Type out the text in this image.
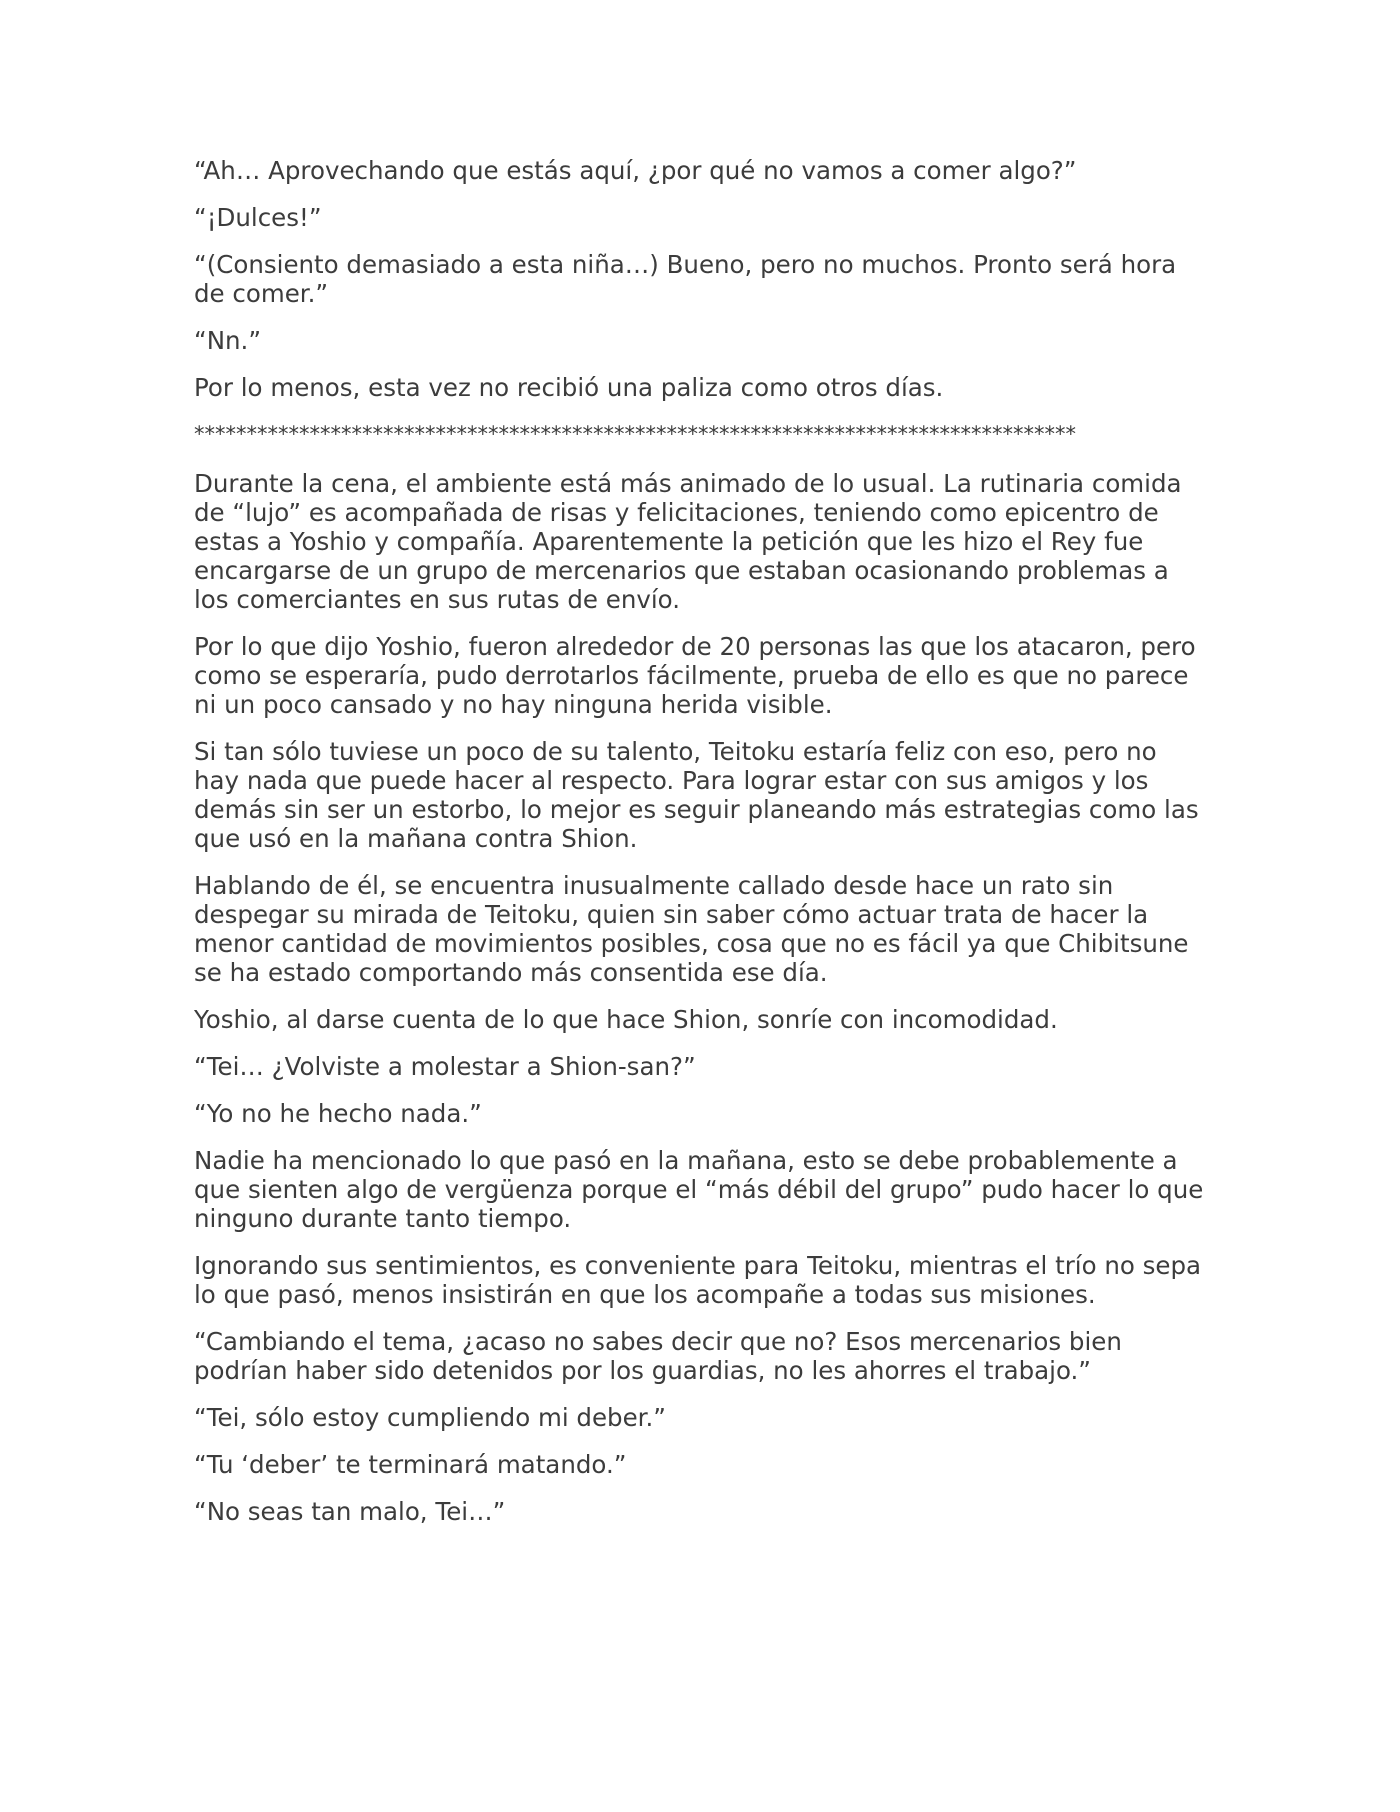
“Ah… Aprovechando que estás aquí, ¿por qué no vamos a comer algo?”

“¡Dulces!”

“(Consiento demasiado a esta niña…) Bueno, pero no muchos. Pronto será hora de comer.”

“Nn.”

Por lo menos, esta vez no recibió una paliza como otros días.

************************************************************************************

Durante la cena, el ambiente está más animado de lo usual. La rutinaria comida de “lujo” es acompañada de risas y felicitaciones, teniendo como epicentro de estas a Yoshio y compañía. Aparentemente la petición que les hizo el Rey fue encargarse de un grupo de mercenarios que estaban ocasionando problemas a los comerciantes en sus rutas de envío.

Por lo que dijo Yoshio, fueron alrededor de 20 personas las que los atacaron, pero como se esperaría, pudo derrotarlos fácilmente, prueba de ello es que no parece ni un poco cansado y no hay ninguna herida visible.

Si tan sólo tuviese un poco de su talento, Teitoku estaría feliz con eso, pero no hay nada que puede hacer al respecto. Para lograr estar con sus amigos y los demás sin ser un estorbo, lo mejor es seguir planeando más estrategias como las que usó en la mañana contra Shion.

Hablando de él, se encuentra inusualmente callado desde hace un rato sin despegar su mirada de Teitoku, quien sin saber cómo actuar trata de hacer la menor cantidad de movimientos posibles, cosa que no es fácil ya que Chibitsune se ha estado comportando más consentida ese día.

Yoshio, al darse cuenta de lo que hace Shion, sonríe con incomodidad.

“Tei… ¿Volviste a molestar a Shion-san?”

“Yo no he hecho nada.”

Nadie ha mencionado lo que pasó en la mañana, esto se debe probablemente a que sienten algo de vergüenza porque el “más débil del grupo” pudo hacer lo que ninguno durante tanto tiempo.

Ignorando sus sentimientos, es conveniente para Teitoku, mientras el trío no sepa lo que pasó, menos insistirán en que los acompañe a todas sus misiones.

“Cambiando el tema, ¿acaso no sabes decir que no? Esos mercenarios bien podrían haber sido detenidos por los guardias, no les ahorres el trabajo.”

“Tei, sólo estoy cumpliendo mi deber.”

“Tu ‘deber’ te terminará matando.”

“No seas tan malo, Tei…”
